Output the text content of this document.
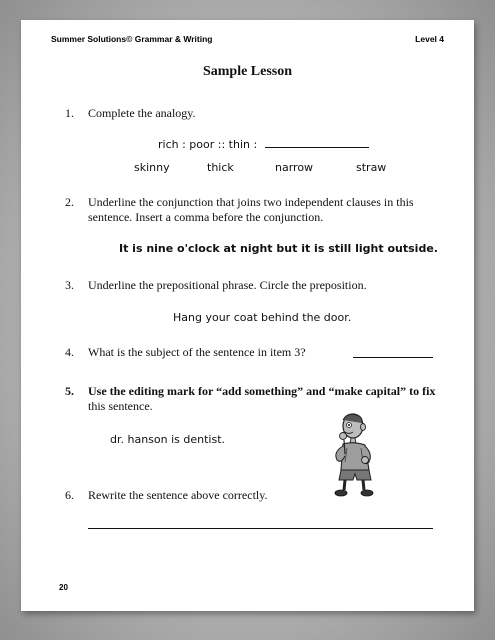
Summer Solutions© Grammar & Writing	Level 4
Sample Lesson
1. Complete the analogy.
rich : poor :: thin :
skinny	thick	narrow	straw
2. Underline the conjunction that joins two independent clauses in this
sentence. Insert a comma before the conjunction.
It is nine o'clock at night but it is still light outside.
3. Underline the prepositional phrase. Circle the preposition.
Hang your coat behind the door.
4. What is the subject of the sentence in item 3?
5. Use the editing mark for “add something” and “make capital” to fix
this sentence.
dr. hanson is dentist.
6. Rewrite the sentence above correctly.
20
